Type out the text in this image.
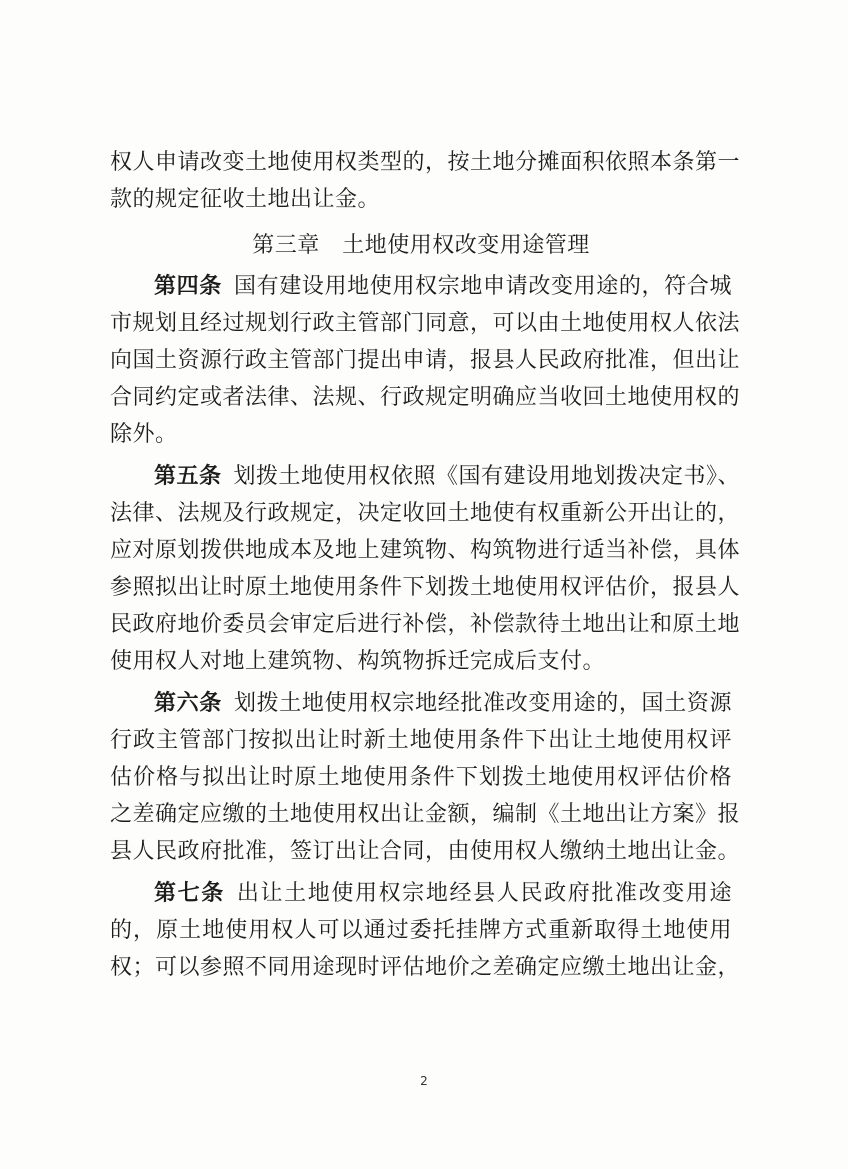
权人申请改变土地使用权类型的，按土地分摊面积依照本条第一
款的规定征收土地出让金。
第三章　土地使用权改变用途管理
第四条 国有建设用地使用权宗地申请改变用途的，符合城
市规划且经过规划行政主管部门同意，可以由土地使用权人依法
向国土资源行政主管部门提出申请，报县人民政府批准，但出让
合同约定或者法律、法规、行政规定明确应当收回土地使用权的
除外。
第五条 划拨土地使用权依照《国有建设用地划拨决定书》、
法律、法规及行政规定，决定收回土地使有权重新公开出让的，
应对原划拨供地成本及地上建筑物、构筑物进行适当补偿，具体
参照拟出让时原土地使用条件下划拨土地使用权评估价，报县人
民政府地价委员会审定后进行补偿，补偿款待土地出让和原土地
使用权人对地上建筑物、构筑物拆迁完成后支付。
第六条 划拨土地使用权宗地经批准改变用途的，国土资源
行政主管部门按拟出让时新土地使用条件下出让土地使用权评
估价格与拟出让时原土地使用条件下划拨土地使用权评估价格
之差确定应缴的土地使用权出让金额，编制《土地出让方案》报
县人民政府批准，签订出让合同，由使用权人缴纳土地出让金。
第七条 出让土地使用权宗地经县人民政府批准改变用途
的，原土地使用权人可以通过委托挂牌方式重新取得土地使用
权；可以参照不同用途现时评估地价之差确定应缴土地出让金，
2
